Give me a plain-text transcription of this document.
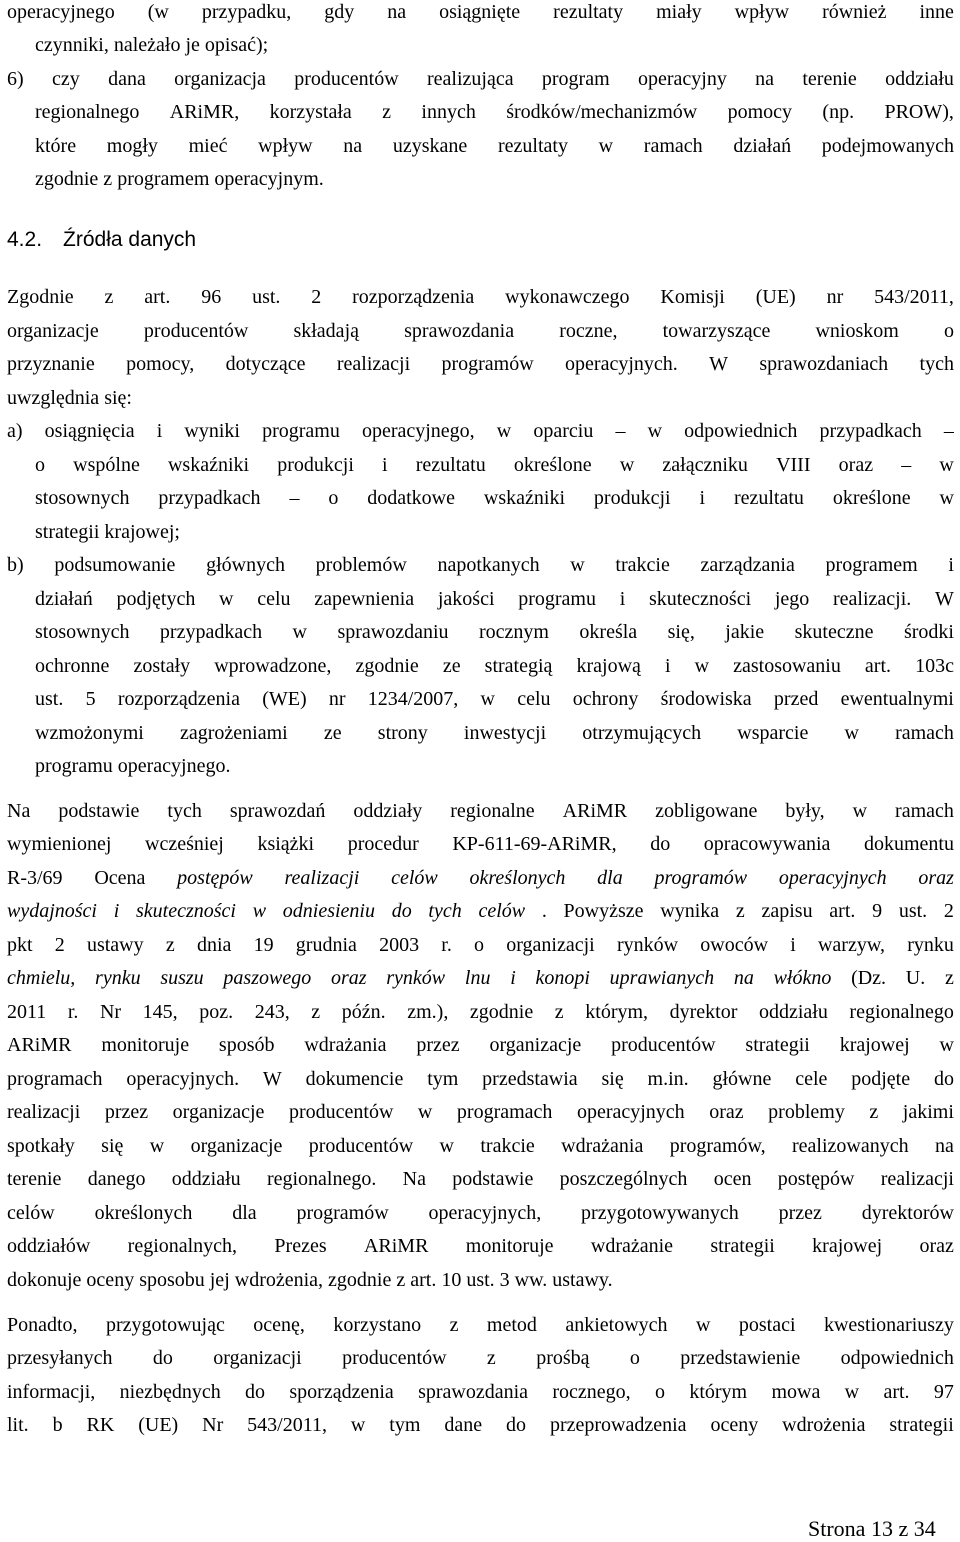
operacyjnego (w przypadku, gdy na osiągnięte rezultaty miały wpływ również inne
czynniki, należało je opisać);
6) czy dana organizacja producentów realizująca program operacyjny na terenie oddziału
regionalnego ARiMR, korzystała z innych środków/mechanizmów pomocy (np. PROW),
które mogły mieć wpływ na uzyskane rezultaty w ramach działań podejmowanych
zgodnie z programem operacyjnym.
4.2. Źródła danych
Zgodnie z art. 96 ust. 2 rozporządzenia wykonawczego Komisji (UE) nr 543/2011,
organizacje producentów składają sprawozdania roczne, towarzyszące wnioskom o
przyznanie pomocy, dotyczące realizacji programów operacyjnych. W sprawozdaniach tych
uwzględnia się:
a) osiągnięcia i wyniki programu operacyjnego, w oparciu – w odpowiednich przypadkach –
o wspólne wskaźniki produkcji i rezultatu określone w załączniku VIII oraz – w
stosownych przypadkach – o dodatkowe wskaźniki produkcji i rezultatu określone w
strategii krajowej;
b) podsumowanie głównych problemów napotkanych w trakcie zarządzania programem i
działań podjętych w celu zapewnienia jakości programu i skuteczności jego realizacji. W
stosownych przypadkach w sprawozdaniu rocznym określa się, jakie skuteczne środki
ochronne zostały wprowadzone, zgodnie ze strategią krajową i w zastosowaniu art. 103c
ust. 5 rozporządzenia (WE) nr 1234/2007, w celu ochrony środowiska przed ewentualnymi
wzmożonymi zagrożeniami ze strony inwestycji otrzymujących wsparcie w ramach
programu operacyjnego.
Na podstawie tych sprawozdań oddziały regionalne ARiMR zobligowane były, w ramach
wymienionej wcześniej książki procedur KP-611-69-ARiMR, do opracowywania dokumentu
R-3/69 Ocena postępów realizacji celów określonych dla programów operacyjnych oraz
wydajności i skuteczności w odniesieniu do tych celów . Powyższe wynika z zapisu art. 9 ust. 2
pkt 2 ustawy z dnia 19 grudnia 2003 r. o organizacji rynków owoców i warzyw, rynku
chmielu, rynku suszu paszowego oraz rynków lnu i konopi uprawianych na włókno (Dz. U. z
2011 r. Nr 145, poz. 243, z późn. zm.), zgodnie z którym, dyrektor oddziału regionalnego
ARiMR monitoruje sposób wdrażania przez organizacje producentów strategii krajowej w
programach operacyjnych. W dokumencie tym przedstawia się m.in. główne cele podjęte do
realizacji przez organizacje producentów w programach operacyjnych oraz problemy z jakimi
spotkały się w organizacje producentów w trakcie wdrażania programów, realizowanych na
terenie danego oddziału regionalnego. Na podstawie poszczególnych ocen postępów realizacji
celów określonych dla programów operacyjnych, przygotowywanych przez dyrektorów
oddziałów regionalnych, Prezes ARiMR monitoruje wdrażanie strategii krajowej oraz
dokonuje oceny sposobu jej wdrożenia, zgodnie z art. 10 ust. 3 ww. ustawy.
Ponadto, przygotowując ocenę, korzystano z metod ankietowych w postaci kwestionariuszy
przesyłanych do organizacji producentów z prośbą o przedstawienie odpowiednich
informacji, niezbędnych do sporządzenia sprawozdania rocznego, o którym mowa w art. 97
lit. b RK (UE) Nr 543/2011, w tym dane do przeprowadzenia oceny wdrożenia strategii
Strona 13 z 34
